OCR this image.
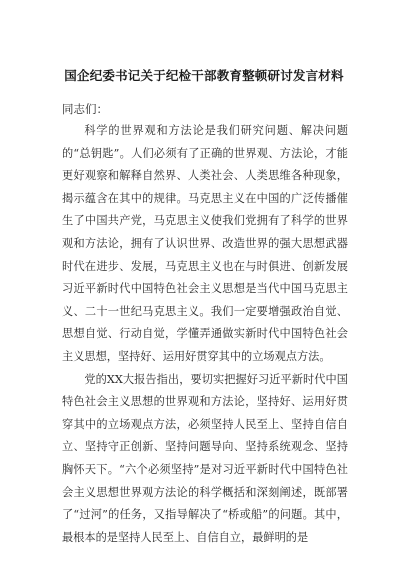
国企纪委书记关于纪检干部教育整顿研讨发言材料
同志们：

科学的世界观和方法论是我们研究问题、解决问题的“总钥匙”。人们必须有了正确的世界观、方法论，才能更好观察和解释自然界、人类社会、人类思维各种现象，揭示蕴含在其中的规律。马克思主义在中国的广泛传播催生了中国共产党，马克思主义使我们党拥有了科学的世界观和方法论，拥有了认识世界、改造世界的强大思想武器时代在进步、发展，马克思主义也在与时俱进、创新发展习近平新时代中国特色社会主义思想是当代中国马克思主义、二十一世纪马克思主义。我们一定要增强政治自觉、思想自觉、行动自觉，学懂弄通做实新时代中国特色社会主义思想，坚持好、运用好贯穿其中的立场观点方法。

党的XX大报告指出，要切实把握好习近平新时代中国特色社会主义思想的世界观和方法论，坚持好、运用好贯穿其中的立场观点方法，必须坚持人民至上、坚持自信自立、坚持守正创新、坚持问题导向、坚持系统观念、坚持胸怀天下。“六个必须坚持”是对习近平新时代中国特色社会主义思想世界观方法论的科学概括和深刻阐述，既部署了“过河”的任务，又指导解决了“桥或船”的问题。其中，最根本的是坚持人民至上、自信自立，最鲜明的是
